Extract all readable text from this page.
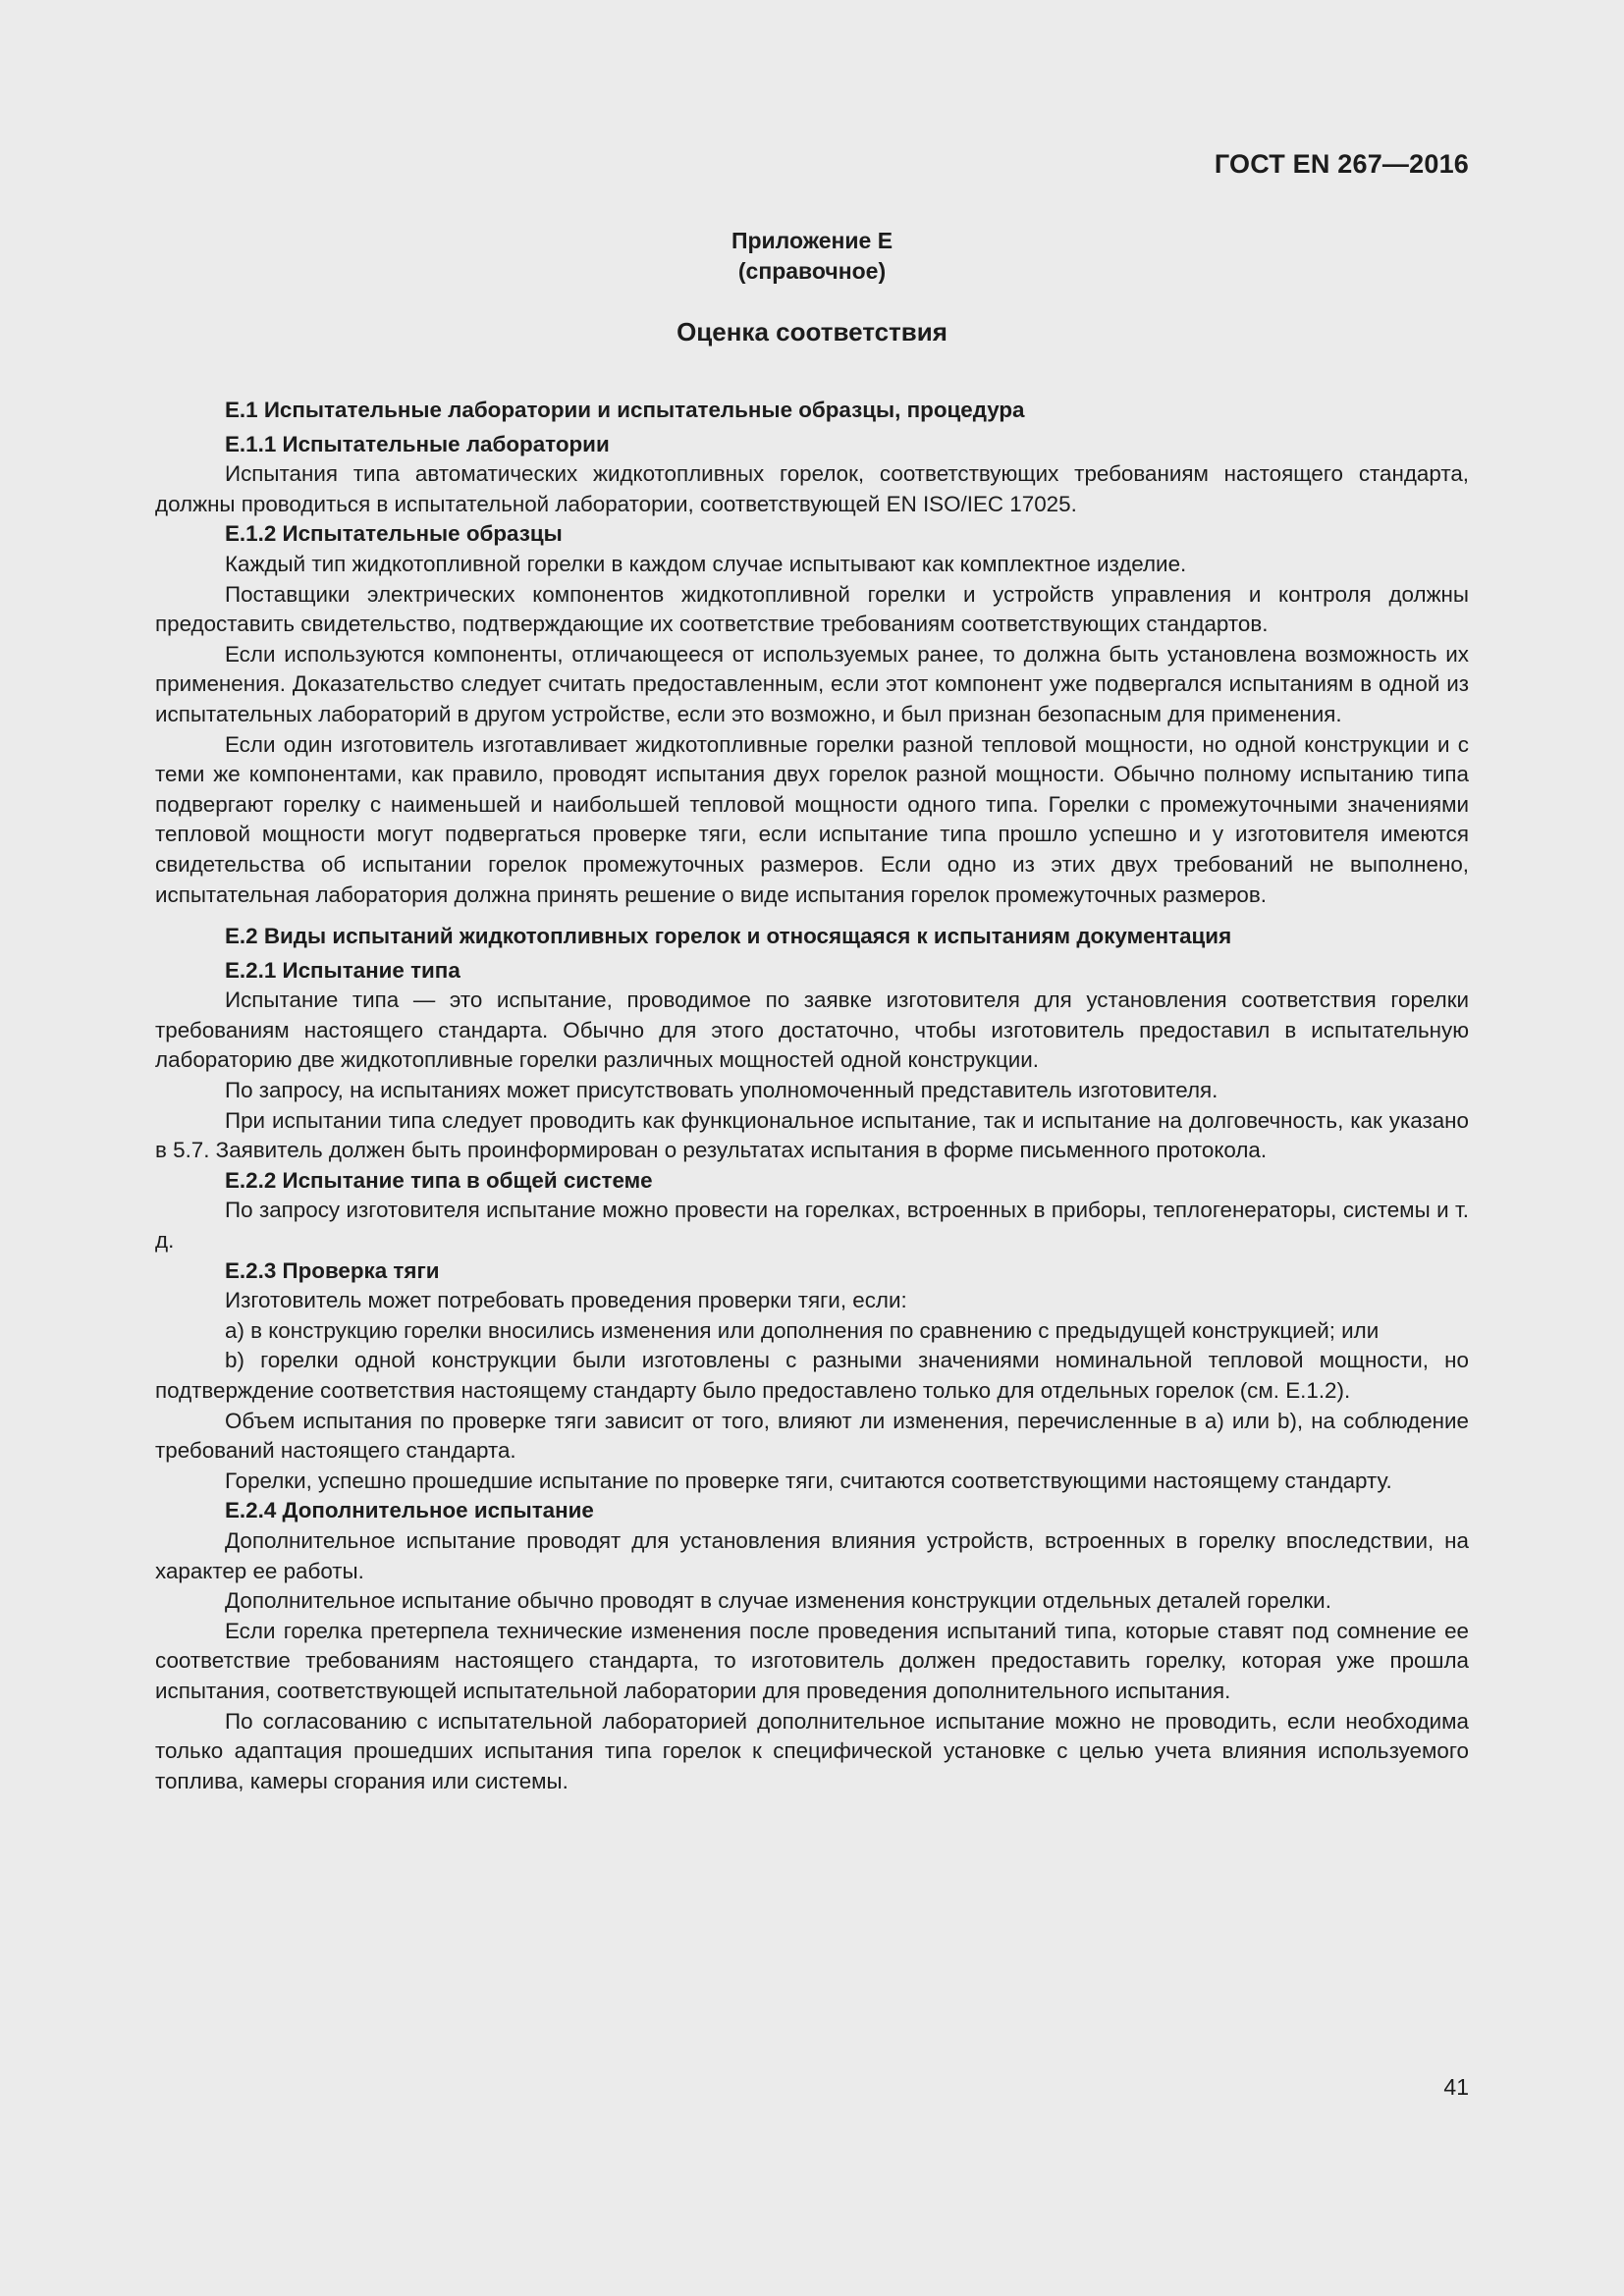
ГОСТ EN 267—2016
Приложение Е
(справочное)
Оценка соответствия
E.1 Испытательные лаборатории и испытательные образцы, процедура
E.1.1 Испытательные лаборатории

Испытания типа автоматических жидкотопливных горелок, соответствующих требованиям настоящего стандарта, должны проводиться в испытательной лаборатории, соответствующей EN ISO/IEC 17025.

E.1.2 Испытательные образцы

Каждый тип жидкотопливной горелки в каждом случае испытывают как комплектное изделие.

Поставщики электрических компонентов жидкотопливной горелки и устройств управления и контроля должны предоставить свидетельство, подтверждающие их соответствие требованиям соответствующих стандартов.

Если используются компоненты, отличающееся от используемых ранее, то должна быть установлена возможность их применения. Доказательство следует считать предоставленным, если этот компонент уже подвергался испытаниям в одной из испытательных лабораторий в другом устройстве, если это возможно, и был признан безопасным для применения.

Если один изготовитель изготавливает жидкотопливные горелки разной тепловой мощности, но одной конструкции и с теми же компонентами, как правило, проводят испытания двух горелок разной мощности. Обычно полному испытанию типа подвергают горелку с наименьшей и наибольшей тепловой мощности одного типа. Горелки с промежуточными значениями тепловой мощности могут подвергаться проверке тяги, если испытание типа прошло успешно и у изготовителя имеются свидетельства об испытании горелок промежуточных размеров. Если одно из этих двух требований не выполнено, испытательная лаборатория должна принять решение о виде испытания горелок промежуточных размеров.

E.2 Виды испытаний жидкотопливных горелок и относящаяся к испытаниям документация
E.2.1 Испытание типа

Испытание типа — это испытание, проводимое по заявке изготовителя для установления соответствия горелки требованиям настоящего стандарта. Обычно для этого достаточно, чтобы изготовитель предоставил в испытательную лабораторию две жидкотопливные горелки различных мощностей одной конструкции.

По запросу, на испытаниях может присутствовать уполномоченный представитель изготовителя.

При испытании типа следует проводить как функциональное испытание, так и испытание на долговечность, как указано в 5.7. Заявитель должен быть проинформирован о результатах испытания в форме письменного протокола.

E.2.2 Испытание типа в общей системе

По запросу изготовителя испытание можно провести на горелках, встроенных в приборы, теплогенераторы, системы и т. д.

E.2.3 Проверка тяги

Изготовитель может потребовать проведения проверки тяги, если:

a) в конструкцию горелки вносились изменения или дополнения по сравнению с предыдущей конструкцией; или

b) горелки одной конструкции были изготовлены с разными значениями номинальной тепловой мощности, но подтверждение соответствия настоящему стандарту было предоставлено только для отдельных горелок (см. E.1.2).

Объем испытания по проверке тяги зависит от того, влияют ли изменения, перечисленные в a) или b), на соблюдение требований настоящего стандарта.

Горелки, успешно прошедшие испытание по проверке тяги, считаются соответствующими настоящему стандарту.

E.2.4 Дополнительное испытание

Дополнительное испытание проводят для установления влияния устройств, встроенных в горелку впоследствии, на характер ее работы.

Дополнительное испытание обычно проводят в случае изменения конструкции отдельных деталей горелки.

Если горелка претерпела технические изменения после проведения испытаний типа, которые ставят под сомнение ее соответствие требованиям настоящего стандарта, то изготовитель должен предоставить горелку, которая уже прошла испытания, соответствующей испытательной лаборатории для проведения дополнительного испытания.

По согласованию с испытательной лабораторией дополнительное испытание можно не проводить, если необходима только адаптация прошедших испытания типа горелок к специфической установке с целью учета влияния используемого топлива, камеры сгорания или системы.

41
